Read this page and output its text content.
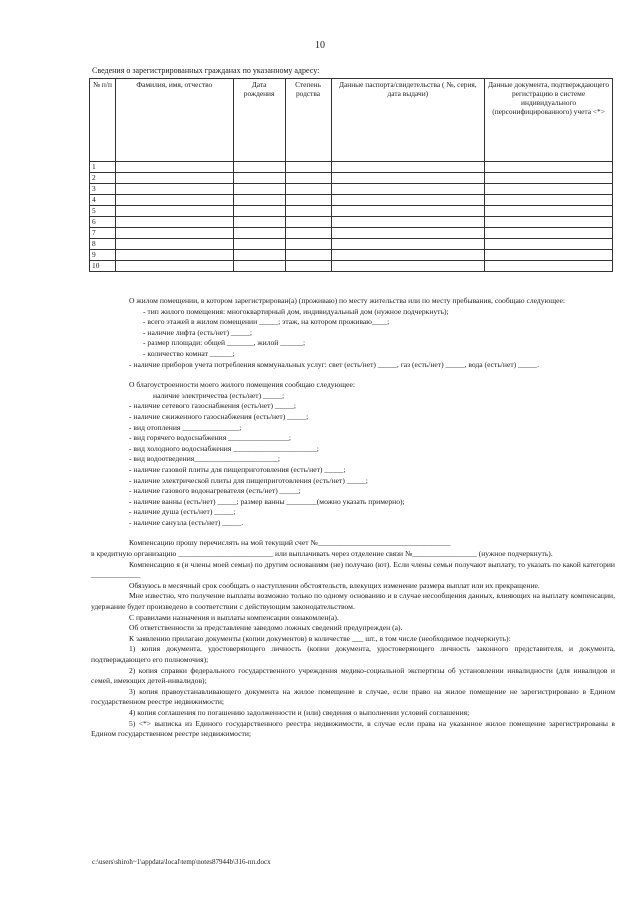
10
Сведения о зарегистрированных гражданах по указанному адресу:
№ п/п	Фамилия, имя, отчество	Дата рождения	Степень родства	Данные паспорта/свидетельства ( №, серия, дата выдачи)	Данные документа, подтверждающего регистрацию в системе индивидуального (персонифицированного) учета <*>
1					
2					
3					
4					
5					
6					
7					
8					
9					
10					

О жилом помещении, в котором зарегистрирован(а) (проживаю) по месту жительства или по месту пребывания, сообщаю следующее:

- тип жилого помещения: многоквартирный дом, индивидуальный дом (нужное подчеркнуть);

- всего этажей в жилом помещении _____; этаж, на котором проживаю____;

- наличие лифта (есть/нет) _____;

- размер площади: общей _______, жилой ______;

- количество комнат ______;

- наличие приборов учета потребления коммунальных услуг: свет (есть/нет) _____, газ (есть/нет) _____, вода (есть/нет) _____.

О благоустроенности моего жилого помещения сообщаю следующее:

наличие электричества (есть/нет) _____;

- наличие сетевого газоснабжения (есть/нет) _____;

- наличие сжиженного газоснабжения (есть/нет) _____;

- вид отопления _______________;

- вид горячего водоснабжения ________________;

- вид холодного водоснабжения ______________________;

- вид водоотведения______________________;

- наличие газовой плиты для пищеприготовления (есть/нет) _____;

- наличие электрической плиты для пищеприготовления (есть/нет) _____;

- наличие газового водонагревателя (есть/нет) _____;

- наличие ванны (есть/нет) _____; размер ванны ________(можно указать примерно);

- наличие душа (есть/нет) _____;

- наличие санузла (есть/нет) _____.

Компенсацию прошу перечислять на мой текущий счет №___________________________________

в кредитную организацию _________________________ или выплачивать через отделение связи №_________________ (нужное подчеркнуть).

Компенсацию я (и члены моей семьи) по другим основаниям (не) получаю (ют). Если члены семьи получают выплату, то указать по какой категории _____________

Обязуюсь в месячный срок сообщать о наступлении обстоятельств, влекущих изменение размера выплат или их прекращение.

Мне известно, что получение выплаты возможно только по одному основанию и в случае несообщения данных, влияющих на выплату компенсации, удержание будет произведено в соответствии с действующим законодательством.

С правилами назначения и выплаты компенсации ознакомлен(а).

Об ответственности за представление заведомо ложных сведений предупрежден (а).

К заявлению прилагаю документы (копии документов) в количестве ___ шт., в том числе (необходимое подчеркнуть):

1) копия документа, удостоверяющего личность (копии документа, удостоверяющего личность законного представителя, и документа, подтверждающего его полномочия);

2) копия справки федерального государственного учреждения медико-социальной экспертизы об установлении инвалидности (для инвалидов и семей, имеющих детей-инвалидов);

3) копия правоустанавливающего документа на жилое помещение в случае, если право на жилое помещение не зарегистрировано в Едином государственном реестре недвижимости;

4) копия соглашения по погашению задолженности и (или) сведения о выполнении условий соглашения;

5) <*> выписка из Единого государственного реестра недвижимости, в случае если права на указанное жилое помещение зарегистрированы в Едином государственном реестре недвижимости;

c:\users\shiroh~1\appdata\local\temp\notes87944b\316-пп.docx
